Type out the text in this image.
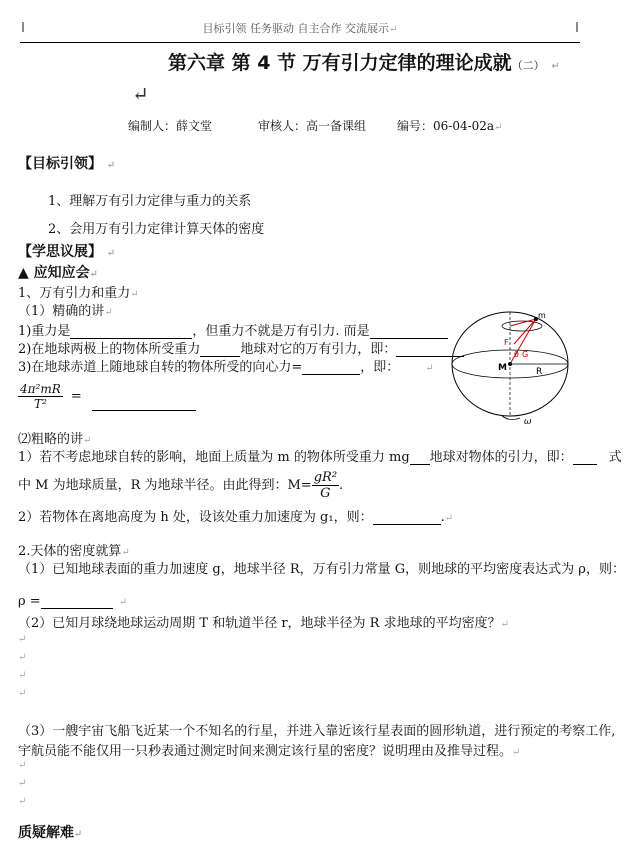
目标引领 任务驱动 自主合作 交流展示↵
第六章 第 4 节 万有引力定律的理论成就（二） ↵
↵
编制人：薛文堂	审核人：高一备课组	编号：06-04-02a↵
【目标引领】 ↵
1、理解万有引力定律与重力的关系
2、会用万有引力定律计算天体的密度
【学思议展】 ↵
▲ 应知应会↵
1、万有引力和重力↵
（1）精确的讲↵
1)重力是	，但重力不就是万有引力. 而是
2)在地球两极上的物体所受重力	地球对它的万有引力，即：
3)在地球赤道上随地球自转的物体所受的向心力=	，即：	↵
$\frac{\text{4π²mR}}{\text{T²}}$ =
⑵粗略的讲↵
1）若不考虑地球自转的影响，地面上质量为 m 的物体所受重力 mg 地球对物体的引力，即：	式
中 M 为地球质量，R 为地球半径。由此得到：$M= \frac{\text{gR²}}{G}$ .
2）若物体在离地高度为 h 处，设该处重力加速度为 g₁，则：	.↵
2.天体的密度就算↵
（1）已知地球表面的重力加速度 g，地球半径 R，万有引力常量 G，则地球的平均密度表达式为 ρ，则：
ρ =	↵
（2）已知月球绕地球运动周期 T 和轨道半径 r，地球半径为 R 求地球的平均密度？↵
↵
↵
↵
↵
（3）一艘宇宙飞船飞近某一个不知名的行星，并进入靠近该行星表面的圆形轨道，进行预定的考察工作,
宇航员能不能仅用一只秒表通过测定时间来测定该行星的密度？说明理由及推导过程。↵
↵
↵
↵
质疑解难↵
m
M	R
θ G
F
ω
